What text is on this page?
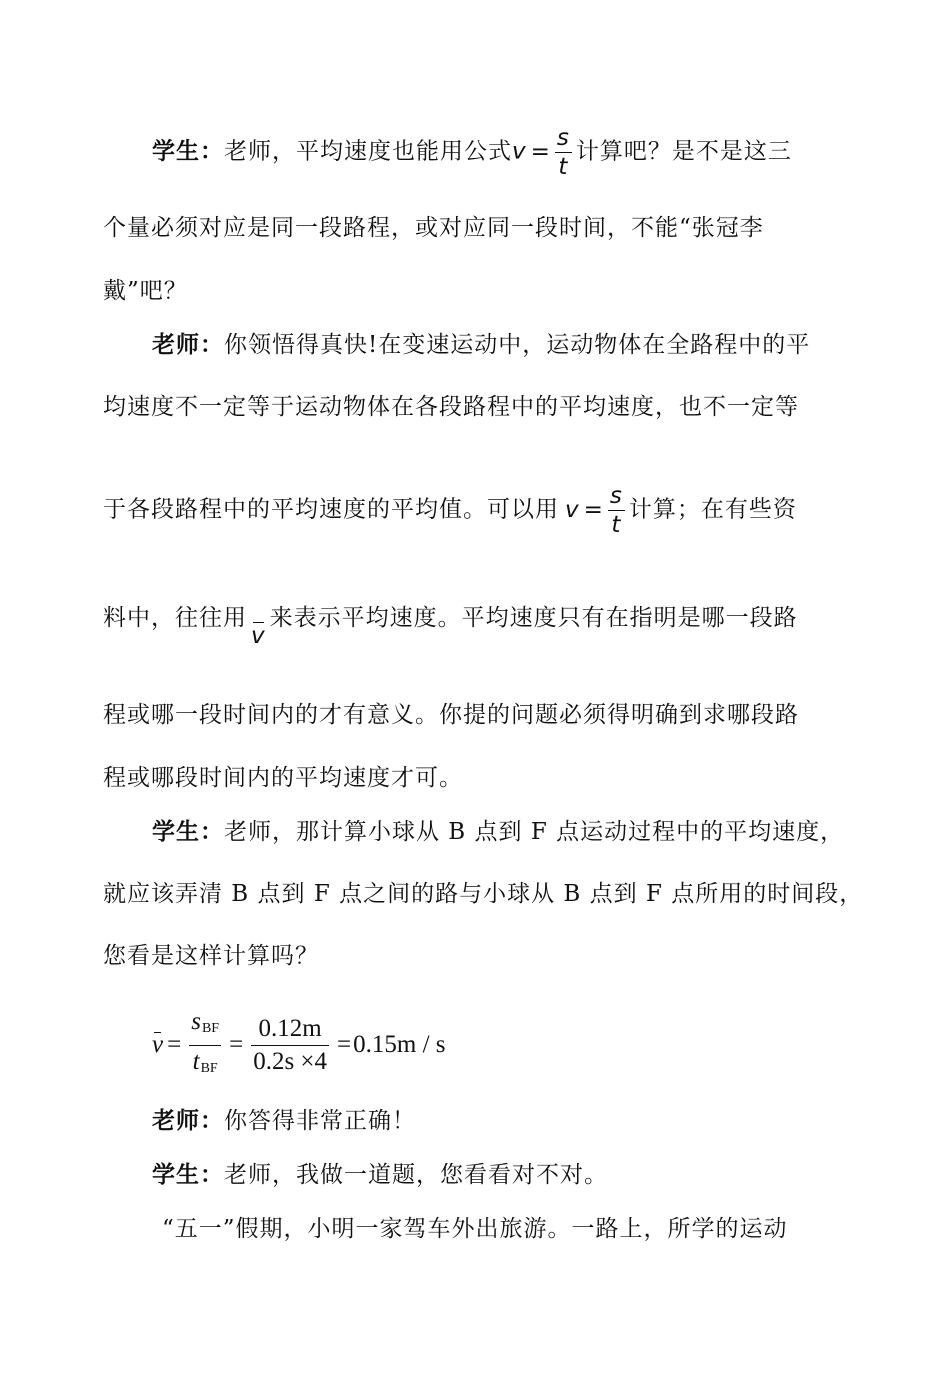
学生：老师，平均速度也能用公式$v = \frac{s}{t}$ 计算吧？是不是这三
个量必须对应是同一段路程，或对应同一段时间，不能“张冠李
戴”吧？
老师：你领悟得真快!在变速运动中，运动物体在全路程中的平
均速度不一定等于运动物体在各段路程中的平均速度，也不一定等
于各段路程中的平均速度的平均值。可以用 $v = \frac{s}{t}$ 计算；在有些资
料中，往往用
v来表示平均速度。平均速度只有在指明是哪一段路
程或哪一段时间内的才有意义。你提的问题必须得明确到求哪段路
程或哪段时间内的平均速度才可。
学生：老师，那计算小球从 B 点到 F 点运动过程中的平均速度，
就应该弄清 B 点到 F 点之间的路与小球从 B 点到 F 点所用的时间段，
您看是这样计算吗？
$v = \frac{s_{BF}}{t_{BF}} = \frac{0.12m}{0.2s \times 4} = 0.15m / s$
老师：你答得非常正确！
学生：老师，我做一道题，您看看对不对。
“五一”假期，小明一家驾车外出旅游。一路上，所学的运动
